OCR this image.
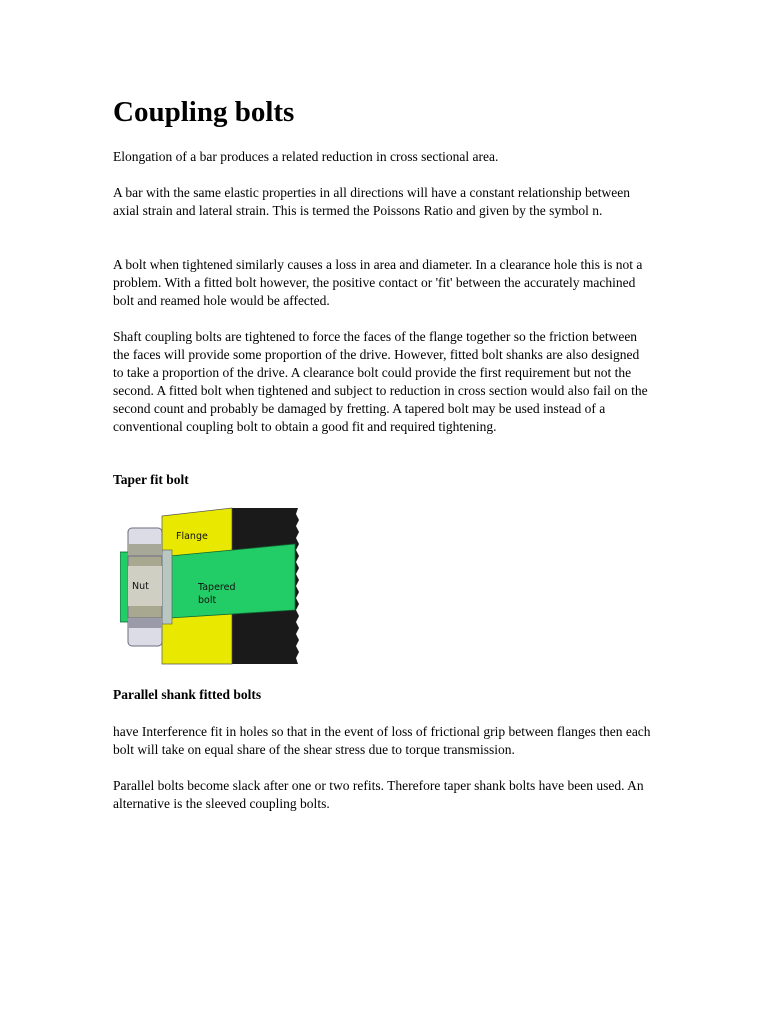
Coupling bolts

Elongation of a bar produces a related reduction in cross sectional area.

A bar with the same elastic properties in all directions will have a constant relationship between axial strain and lateral strain. This is termed the Poissons Ratio and given by the symbol n.

A bolt when tightened similarly causes a loss in area and diameter. In a clearance hole this is not a problem. With a fitted bolt however, the positive contact or 'fit' between the accurately machined bolt and reamed hole would be affected.

Shaft coupling bolts are tightened to force the faces of the flange together so the friction between the faces will provide some proportion of the drive. However, fitted bolt shanks are also designed to take a proportion of the drive. A clearance bolt could provide the first requirement but not the second. A fitted bolt when tightened and subject to reduction in cross section would also fail on the second count and probably be damaged by fretting. A tapered bolt may be used instead of a conventional coupling bolt to obtain a good fit and required tightening.

Taper fit bolt
Flange
Nut	Tapered
bolt
Parallel shank fitted bolts

have Interference fit in holes so that in the event of loss of frictional grip between flanges then each bolt will take on equal share of the shear stress due to torque transmission.

Parallel bolts become slack after one or two refits. Therefore taper shank bolts have been used. An alternative is the sleeved coupling bolts.
